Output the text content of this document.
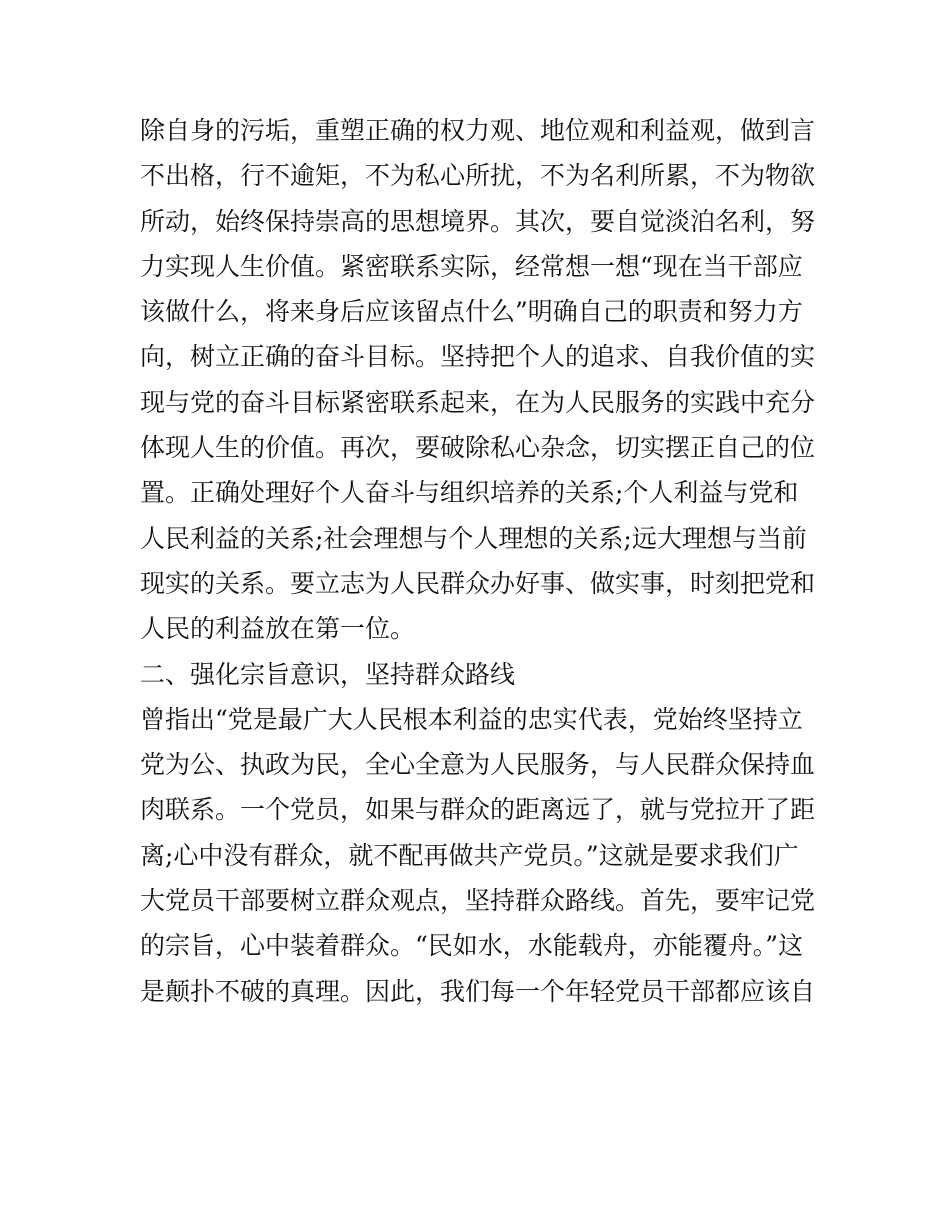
除自身的污垢，重塑正确的权力观、地位观和利益观，做到言
不出格，行不逾矩，不为私心所扰，不为名利所累，不为物欲
所动，始终保持崇高的思想境界。其次，要自觉淡泊名利，努
力实现人生价值。紧密联系实际，经常想一想“现在当干部应
该做什么，将来身后应该留点什么”明确自己的职责和努力方
向，树立正确的奋斗目标。坚持把个人的追求、自我价值的实
现与党的奋斗目标紧密联系起来，在为人民服务的实践中充分
体现人生的价值。再次，要破除私心杂念，切实摆正自己的位
置。正确处理好个人奋斗与组织培养的关系;个人利益与党和
人民利益的关系;社会理想与个人理想的关系;远大理想与当前
现实的关系。要立志为人民群众办好事、做实事，时刻把党和
人民的利益放在第一位。
二、强化宗旨意识，坚持群众路线
曾指出“党是最广大人民根本利益的忠实代表，党始终坚持立
党为公、执政为民，全心全意为人民服务，与人民群众保持血
肉联系。一个党员，如果与群众的距离远了，就与党拉开了距
离;心中没有群众，就不配再做共产党员。”这就是要求我们广
大党员干部要树立群众观点，坚持群众路线。首先，要牢记党
的宗旨，心中装着群众。“民如水，水能载舟，亦能覆舟。”这
是颠扑不破的真理。因此，我们每一个年轻党员干部都应该自
